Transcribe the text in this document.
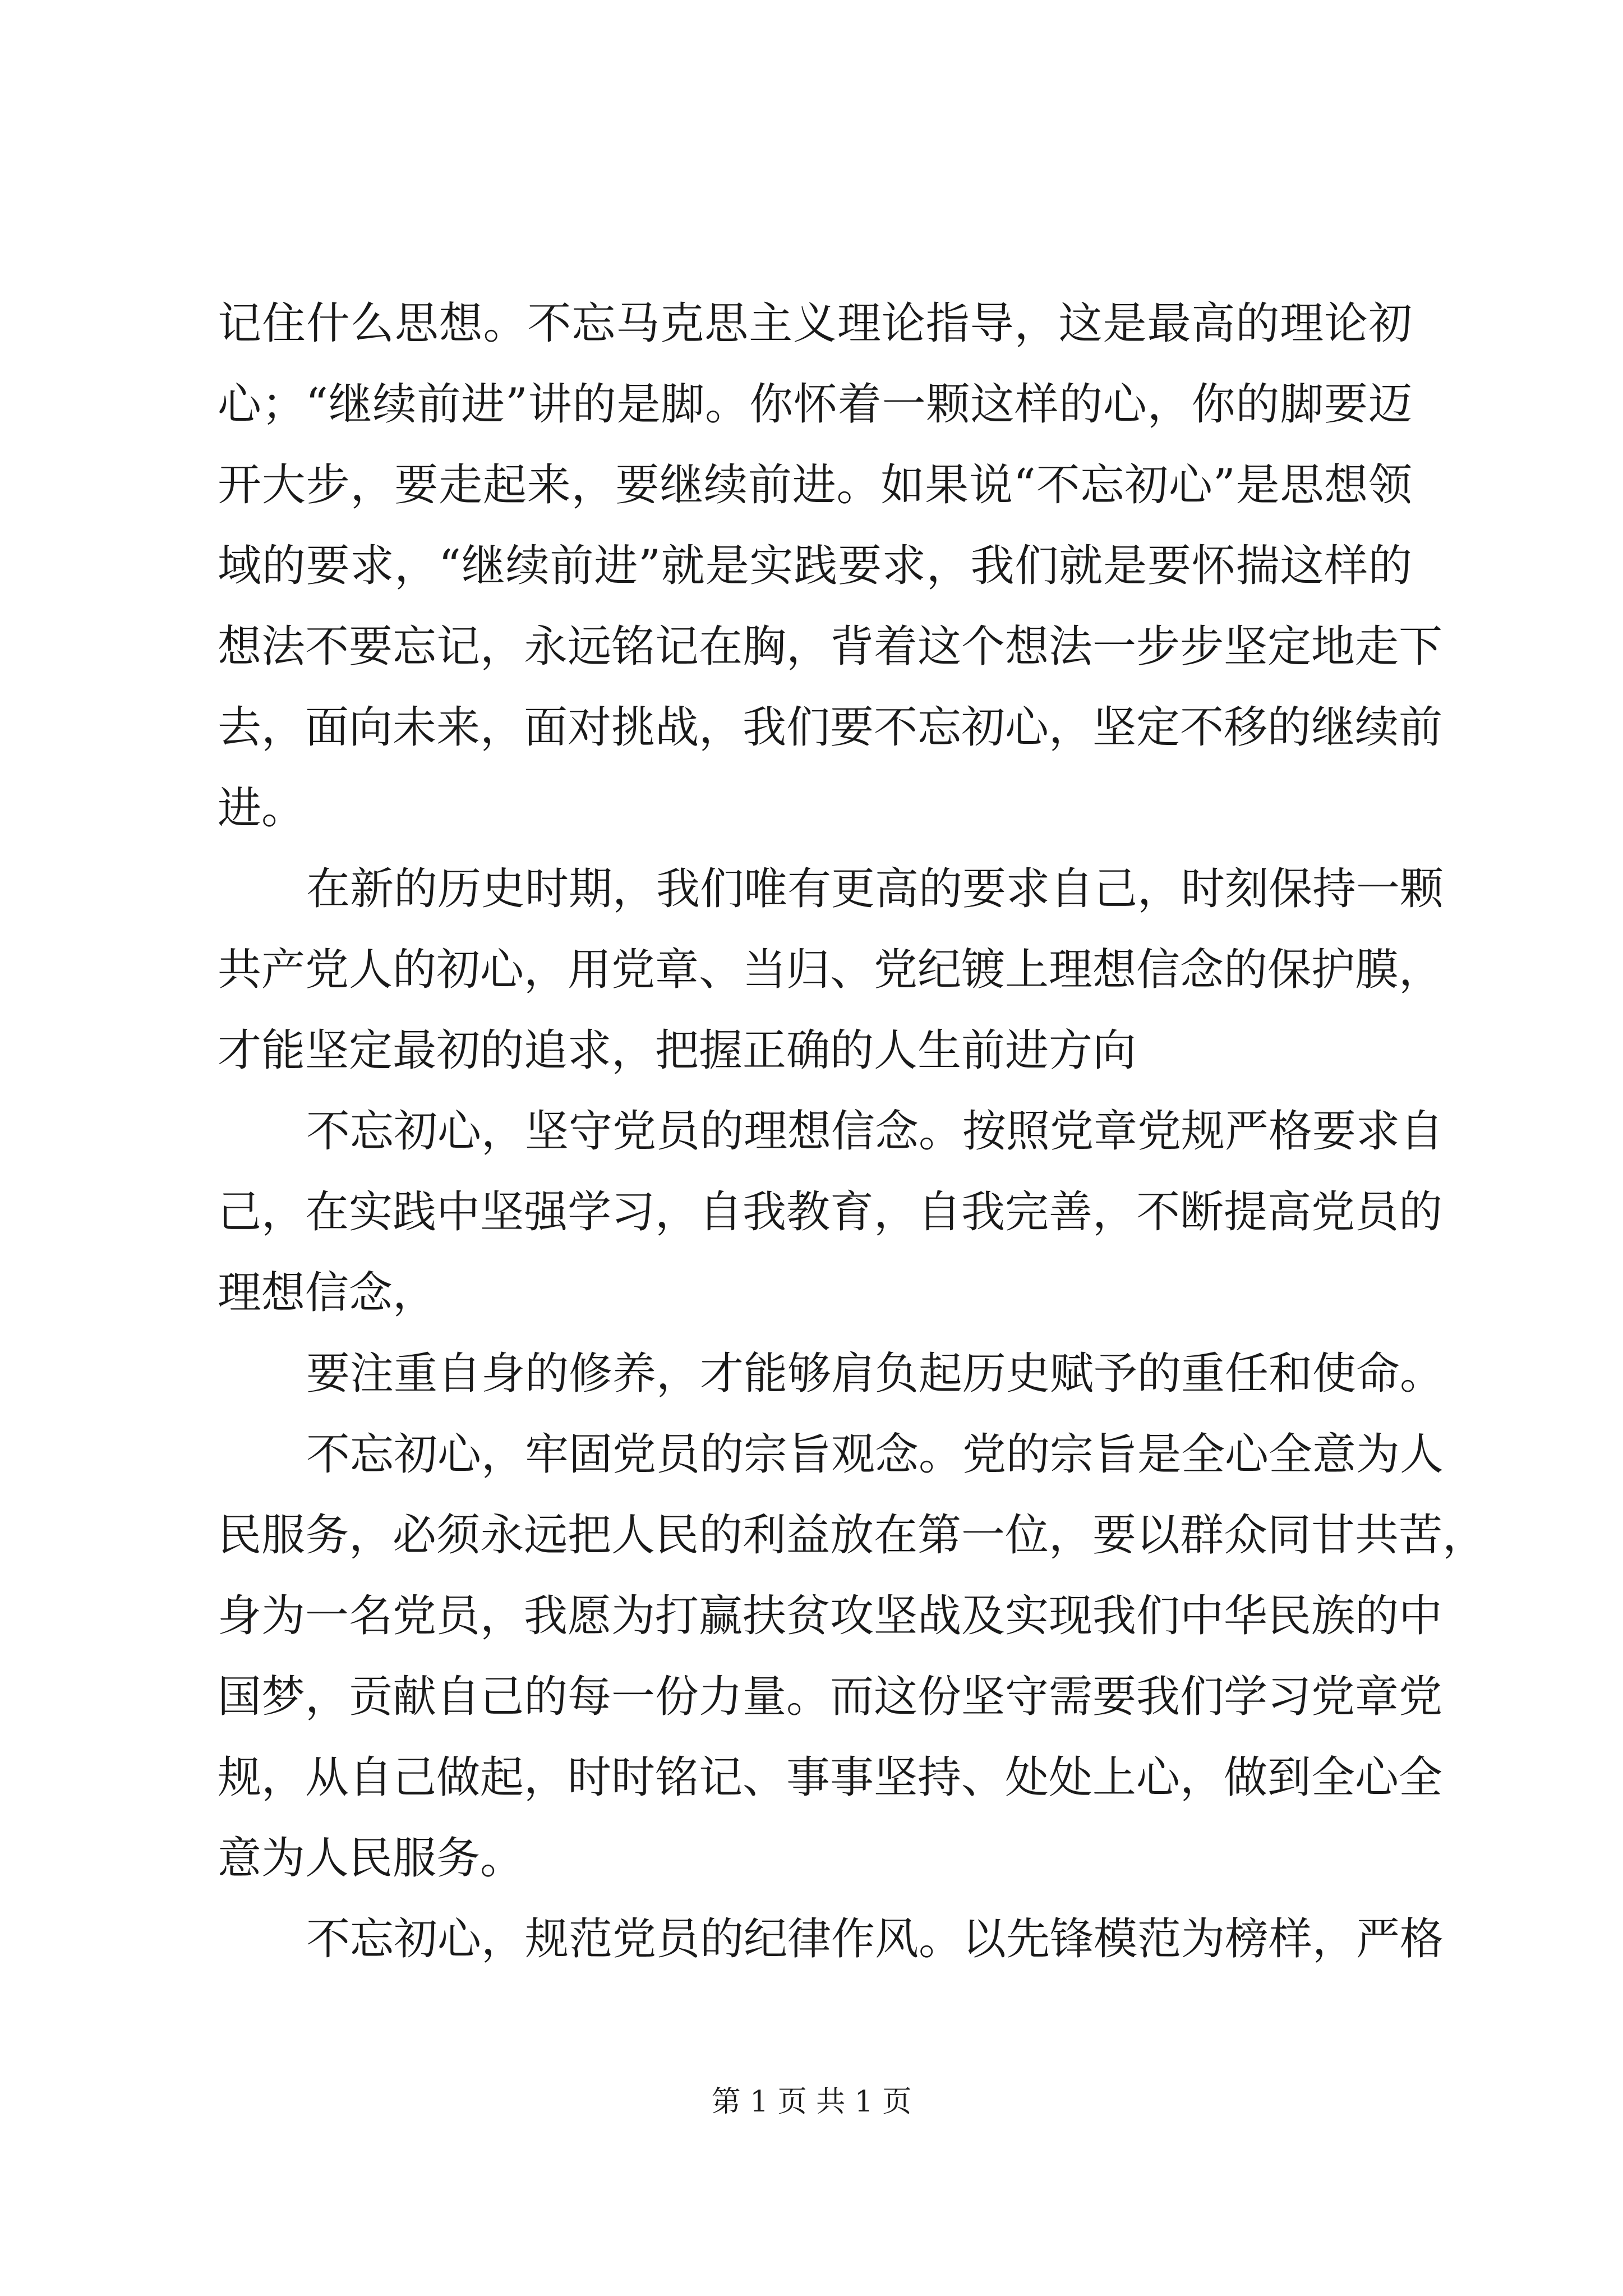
记住什么思想。不忘马克思主义理论指导，这是最高的理论初
心；“继续前进”讲的是脚。你怀着一颗这样的心，你的脚要迈
开大步，要走起来，要继续前进。如果说“不忘初心”是思想领
域的要求，“继续前进”就是实践要求，我们就是要怀揣这样的
想法不要忘记，永远铭记在胸，背着这个想法一步步坚定地走下
去，面向未来，面对挑战，我们要不忘初心，坚定不移的继续前
进。
在新的历史时期，我们唯有更高的要求自己，时刻保持一颗
共产党人的初心，用党章、当归、党纪镀上理想信念的保护膜，
才能坚定最初的追求，把握正确的人生前进方向
不忘初心，坚守党员的理想信念。按照党章党规严格要求自
己，在实践中坚强学习，自我教育，自我完善，不断提高党员的
理想信念，
要注重自身的修养，才能够肩负起历史赋予的重任和使命。
不忘初心，牢固党员的宗旨观念。党的宗旨是全心全意为人
民服务，必须永远把人民的利益放在第一位，要以群众同甘共苦，
身为一名党员，我愿为打赢扶贫攻坚战及实现我们中华民族的中
国梦，贡献自己的每一份力量。而这份坚守需要我们学习党章党
规，从自己做起，时时铭记、事事坚持、处处上心，做到全心全
意为人民服务。
不忘初心，规范党员的纪律作风。以先锋模范为榜样，严格
第 1 页 共 1 页
